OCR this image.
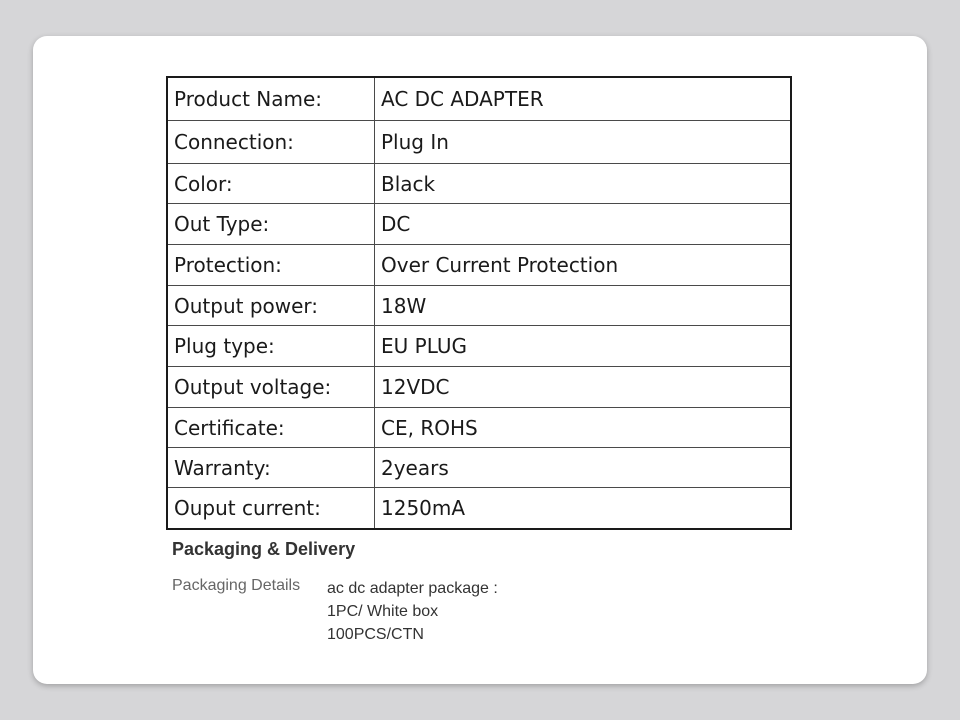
Product Name:	AC DC ADAPTER
Connection:	Plug In
Color:	Black
Out Type:	DC
Protection:	Over Current Protection
Output power:	18W
Plug type:	EU PLUG
Output voltage:	12VDC
Certificate:	CE, ROHS
Warranty:	2years
Ouput current:	1250mA
Packaging & Delivery
Packaging Details ac dc adapter package :
1PC/ White box
100PCS/CTN
